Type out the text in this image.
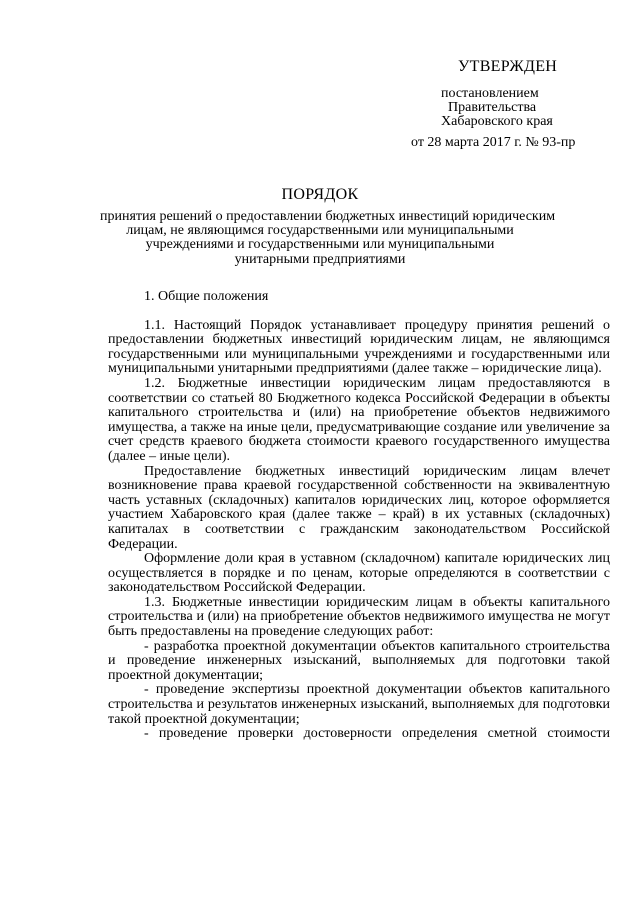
УТВЕРЖДЕН
постановлением
Правительства
Хабаровского края
от 28 марта 2017 г. № 93-пр
ПОРЯДОК
принятия решений о предоставлении бюджетных инвестиций юридическим
лицам, не являющимся государственными или муниципальными
учреждениями и государственными или муниципальными
унитарными предприятиями
1. Общие положения

1.1. Настоящий Порядок устанавливает процедуру принятия решений о предоставлении бюджетных инвестиций юридическим лицам, не являющимся государственными или муниципальными учреждениями и государственными или муниципальными унитарными предприятиями (далее также – юридические лица).

1.2. Бюджетные инвестиции юридическим лицам предоставляются в соответствии со статьей 80 Бюджетного кодекса Российской Федерации в объекты капитального строительства и (или) на приобретение объектов недвижимого имущества, а также на иные цели, предусматривающие создание или увеличение за счет средств краевого бюджета стоимости краевого государственного имущества (далее – иные цели).

Предоставление бюджетных инвестиций юридическим лицам влечет возникновение права краевой государственной собственности на эквивалентную часть уставных (складочных) капиталов юридических лиц, которое оформляется участием Хабаровского края (далее также – край) в их уставных (складочных) капиталах в соответствии с гражданским законодательством Российской Федерации.

Оформление доли края в уставном (складочном) капитале юридических лиц осуществляется в порядке и по ценам, которые определяются в соответствии с законодательством Российской Федерации.

1.3. Бюджетные инвестиции юридическим лицам в объекты капитального строительства и (или) на приобретение объектов недвижимого имущества не могут быть предоставлены на проведение следующих работ:

- разработка проектной документации объектов капитального строительства и проведение инженерных изысканий, выполняемых для подготовки такой проектной документации;

- проведение экспертизы проектной документации объектов капитального строительства и результатов инженерных изысканий, выполняемых для подготовки такой проектной документации;

- проведение проверки достоверности определения сметной стоимости
